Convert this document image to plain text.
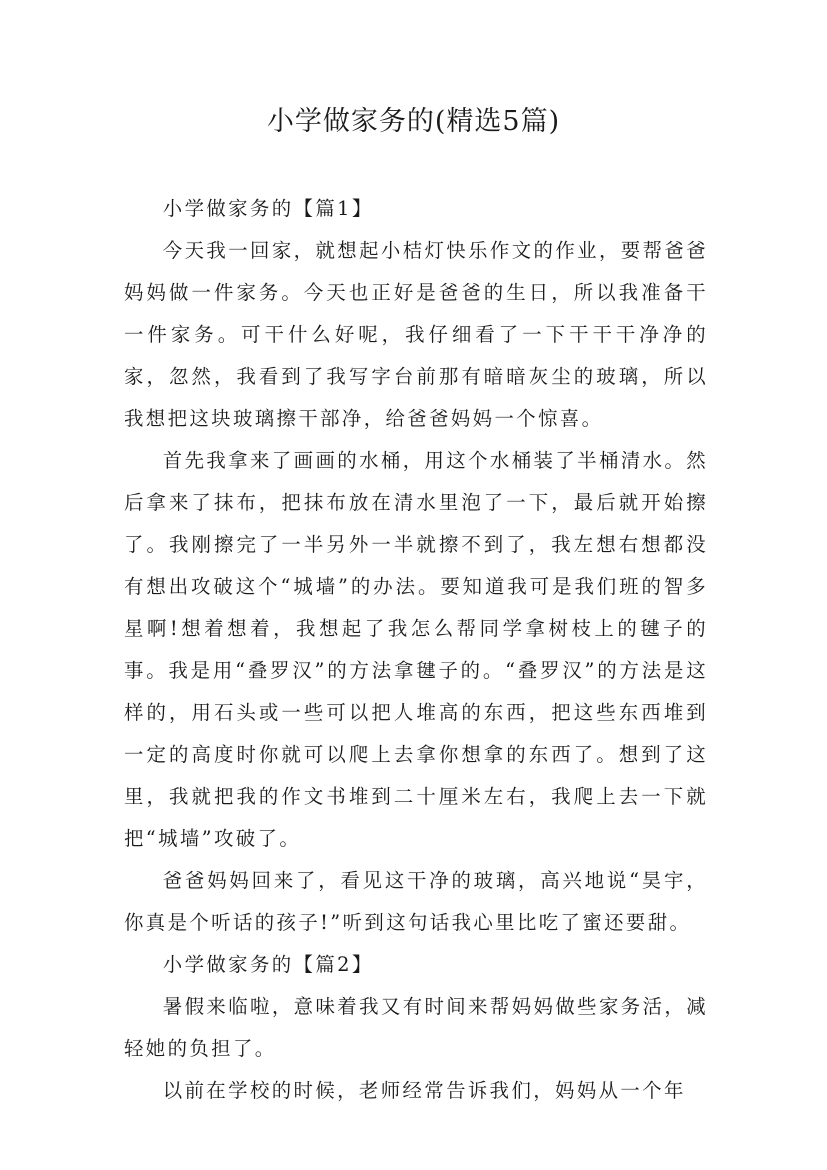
小学做家务的(精选5篇)

小学做家务的【篇1】

今天我一回家，就想起小桔灯快乐作文的作业，要帮爸爸妈妈做一件家务。今天也正好是爸爸的生日，所以我准备干一件家务。可干什么好呢，我仔细看了一下干干干净净的家，忽然，我看到了我写字台前那有暗暗灰尘的玻璃，所以我想把这块玻璃擦干部净，给爸爸妈妈一个惊喜。

首先我拿来了画画的水桶，用这个水桶装了半桶清水。然后拿来了抹布，把抹布放在清水里泡了一下，最后就开始擦了。我刚擦完了一半另外一半就擦不到了，我左想右想都没有想出攻破这个“城墙”的办法。要知道我可是我们班的智多星啊!想着想着，我想起了我怎么帮同学拿树枝上的毽子的事。我是用“叠罗汉”的方法拿毽子的。“叠罗汉”的方法是这样的，用石头或一些可以把人堆高的东西，把这些东西堆到一定的高度时你就可以爬上去拿你想拿的东西了。想到了这里，我就把我的作文书堆到二十厘米左右，我爬上去一下就把“城墙”攻破了。

爸爸妈妈回来了，看见这干净的玻璃，高兴地说“昊宇，你真是个听话的孩子!”听到这句话我心里比吃了蜜还要甜。

小学做家务的【篇2】

暑假来临啦，意味着我又有时间来帮妈妈做些家务活，减轻她的负担了。

以前在学校的时候，老师经常告诉我们，妈妈从一个年
